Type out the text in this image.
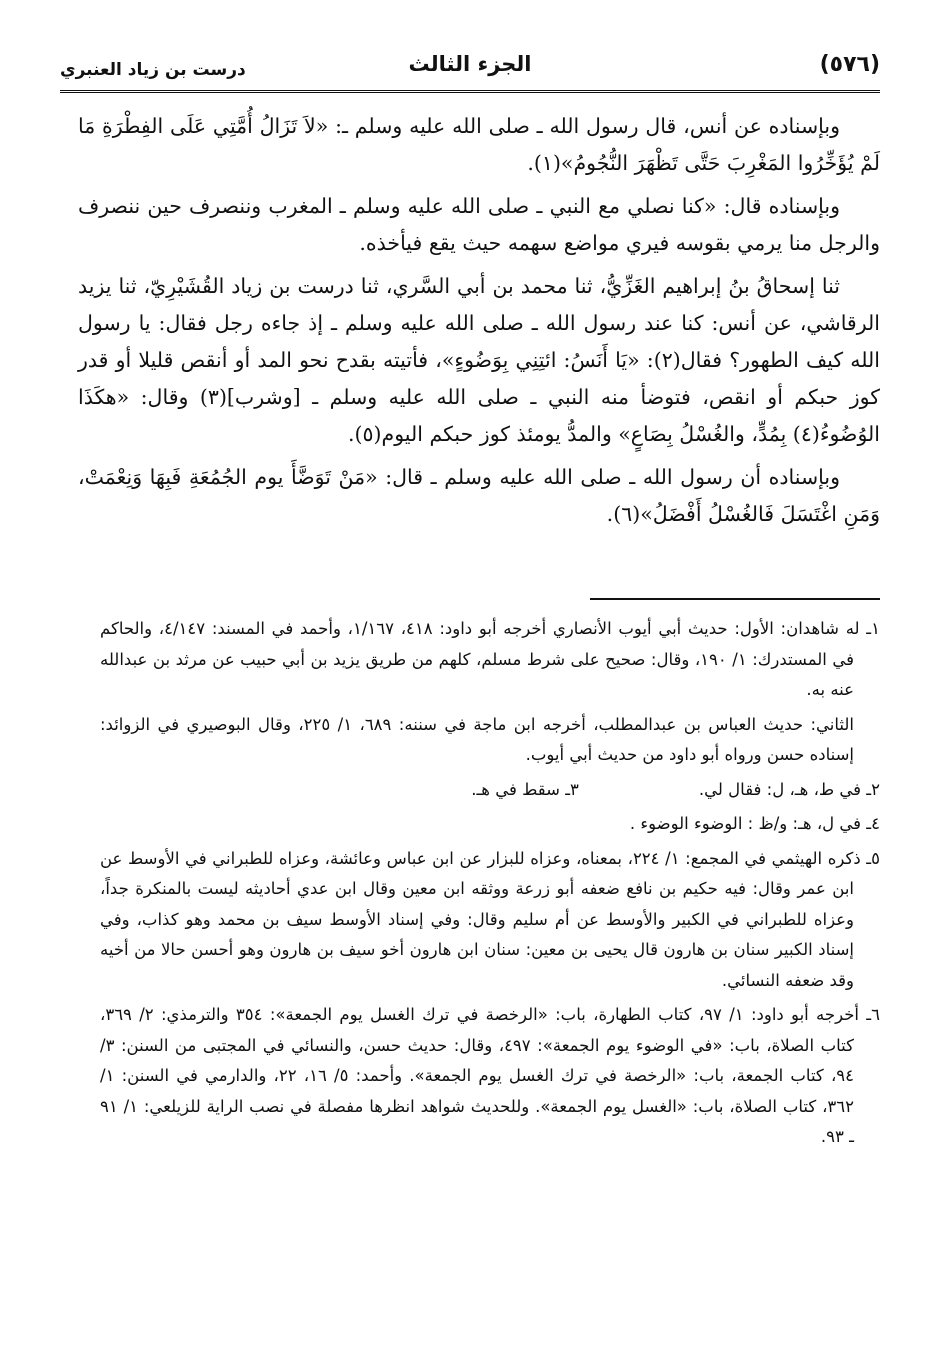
(٥٧٦)
الجزء الثالث
درست بن زياد العنبري

وبإسناده عن أنس، قال رسول الله ـ صلى الله عليه وسلم ـ: «لاَ تَزَالُ أُمَّتِي عَلَى الفِطْرَةِ مَا لَمْ يُؤَخِّرُوا المَغْرِبَ حَتَّى تَظْهَرَ النُّجُومُ»(١).

وبإسناده قال: «كنا نصلي مع النبي ـ صلى الله عليه وسلم ـ المغرب وننصرف حين ننصرف والرجل منا يرمي بقوسه فيري مواضع سهمه حيث يقع فيأخذه.

ثنا إسحاقُ بنُ إبراهيم الغَزِّيُّ، ثنا محمد بن أبي السَّري، ثنا درست بن زياد القُشَيْرِيّ، ثنا يزيد الرقاشي، عن أنس: كنا عند رسول الله ـ صلى الله عليه وسلم ـ إذ جاءه رجل فقال: يا رسول الله كيف الطهور؟ فقال(٢): «يَا أَنَسُ: ائتِنِي بِوَضُوءٍ»، فأتيته بقدح نحو المد أو أنقص قليلا أو قدر كوز حبكم أو انقص، فتوضأ منه النبي ـ صلى الله عليه وسلم ـ [وشرب](٣) وقال: «هكَذَا الوُضُوءُ(٤) بِمُدٍّ، والغُسْلُ بِصَاعٍ» والمدُّ يومئذ كوز حبكم اليوم(٥).

وبإسناده أن رسول الله ـ صلى الله عليه وسلم ـ قال: «مَنْ تَوَضَّأَ يوم الجُمُعَةِ فَبِهَا وَنِعْمَتْ، وَمَنِ اغْتَسَلَ فَالغُسْلُ أَفْضَلُ»(٦).

١ـ له شاهدان: الأول: حديث أبي أيوب الأنصاري أخرجه أبو داود: ٤١٨، ١/١٦٧، وأحمد في المسند: ٤/١٤٧، والحاكم في المستدرك: ١/ ١٩٠، وقال: صحيح على شرط مسلم، كلهم من طريق يزيد بن أبي حبيب عن مرثد بن عبدالله عنه به.
الثاني: حديث العباس بن عبدالمطلب، أخرجه ابن ماجة في سننه: ٦٨٩، ١/ ٢٢٥، وقال البوصيري في الزوائد: إسناده حسن ورواه أبو داود من حديث أبي أيوب.
٢ـ في ط، هـ، ل: فقال لي.
٣ـ سقط في هـ.
٤ـ في ل، هـ: و/ظ : الوضوء الوضوء .
٥ـ ذكره الهيثمي في المجمع: ١/ ٢٢٤، بمعناه، وعزاه للبزار عن ابن عباس وعائشة، وعزاه للطبراني في الأوسط عن ابن عمر وقال: فيه حكيم بن نافع ضعفه أبو زرعة ووثقه ابن معين وقال ابن عدي أحاديثه ليست بالمنكرة جداً، وعزاه للطبراني في الكبير والأوسط عن أم سليم وقال: وفي إسناد الأوسط سيف بن محمد وهو كذاب، وفي إسناد الكبير سنان بن هارون قال يحيى بن معين: سنان ابن هارون أخو سيف بن هارون وهو أحسن حالا من أخيه وقد ضعفه النسائي.
٦ـ أخرجه أبو داود: ١/ ٩٧، كتاب الطهارة، باب: «الرخصة في ترك الغسل يوم الجمعة»: ٣٥٤ والترمذي: ٢/ ٣٦٩، كتاب الصلاة، باب: «في الوضوء يوم الجمعة»: ٤٩٧، وقال: حديث حسن، والنسائي في المجتبى من السنن: ٣/ ٩٤، كتاب الجمعة، باب: «الرخصة في ترك الغسل يوم الجمعة». وأحمد: ٥/ ١٦، ٢٢، والدارمي في السنن: ١/ ٣٦٢، كتاب الصلاة، باب: «الغسل يوم الجمعة». وللحديث شواهد انظرها مفصلة في نصب الراية للزيلعي: ١/ ٩١ ـ ٩٣.
